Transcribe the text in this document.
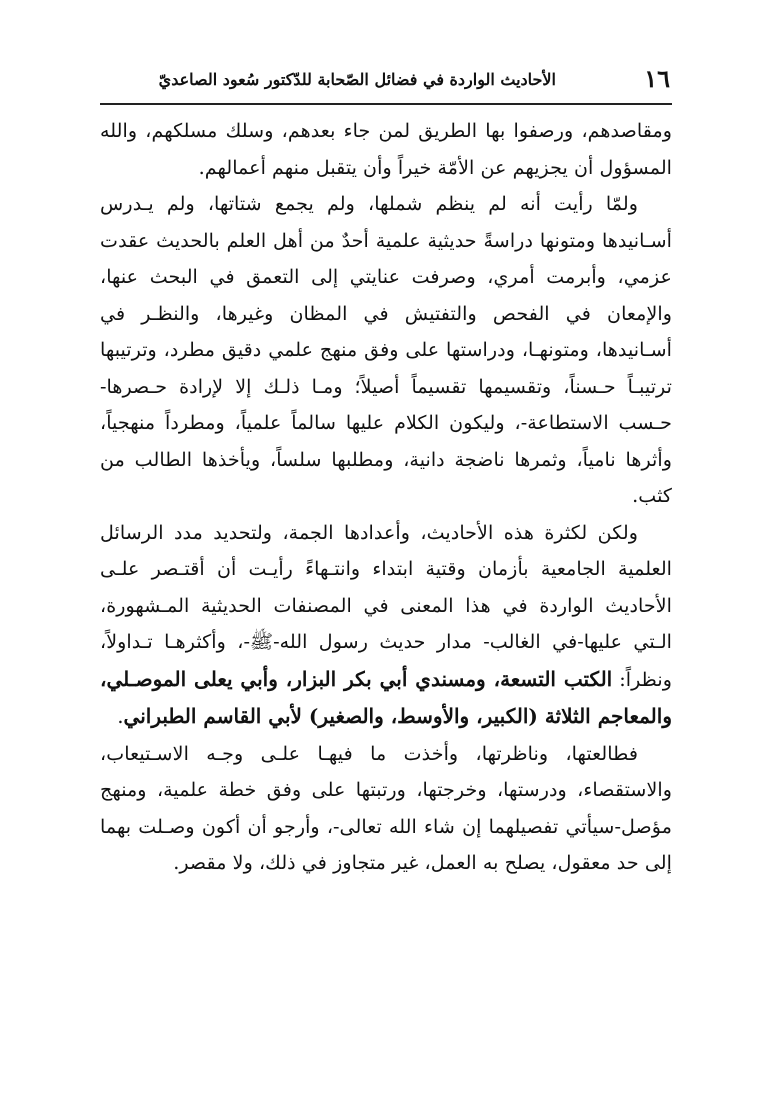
١٦
الأحاديث الواردة في فضائل الصّحابة للدّكتور سُعود الصاعديّ

ومقاصدهم، ورصفوا بها الطريق لمن جاء بعدهم، وسلك مسلكهم، والله المسؤول أن يجزيهم عن الأمّة خيراً وأن يتقبل منهم أعمالهم.

ولمّا رأيت أنه لم ينظم شملها، ولم يجمع شتاتها، ولم يـدرس أسـانيدها ومتونها دراسةً حديثية علمية أحدٌ من أهل العلم بالحديث عقدت عزمي، وأبرمت أمري، وصرفت عنايتي إلى التعمق في البحث عنها، والإمعان في الفحص والتفتيش في المظان وغيرها، والنظـر في أسـانيدها، ومتونهـا، ودراستها على وفق منهج علمي دقيق مطرد، وترتيبها ترتيبـاً حـسناً، وتقسيمها تقسيماً أصيلاً؛ ومـا ذلـك إلا لإرادة حـصرها-حـسب الاستطاعة-، وليكون الكلام عليها سالماً علمياً، ومطرداً منهجياً، وأثرها نامياً، وثمرها ناضجة دانية، ومطلبها سلساً، ويأخذها الطالب من كثب.

ولكن لكثرة هذه الأحاديث، وأعدادها الجمة، ولتحديد مدد الرسائل العلمية الجامعية بأزمان وقتية ابتداء وانتـهاءً رأيـت أن أقتـصر علـى الأحاديث الواردة في هذا المعنى في المصنفات الحديثية المـشهورة، الـتي عليها-في الغالب- مدار حديث رسول الله-ﷺ-، وأكثرهـا تـداولاً، ونظراً: الكتب التسعة، ومسندي أبي بكر البزار، وأبي يعلى الموصـلي، والمعاجم الثلاثة (الكبير، والأوسط، والصغير) لأبي القاسم الطبراني.

فطالعتها، وناظرتها، وأخذت ما فيهـا علـى وجـه الاسـتيعاب، والاستقصاء، ودرستها، وخرجتها، ورتبتها على وفق خطة علمية، ومنهج مؤصل-سيأتي تفصيلهما إن شاء الله تعالى-، وأرجو أن أكون وصـلت بهما إلى حد معقول، يصلح به العمل، غير متجاوز في ذلك، ولا مقصر.
